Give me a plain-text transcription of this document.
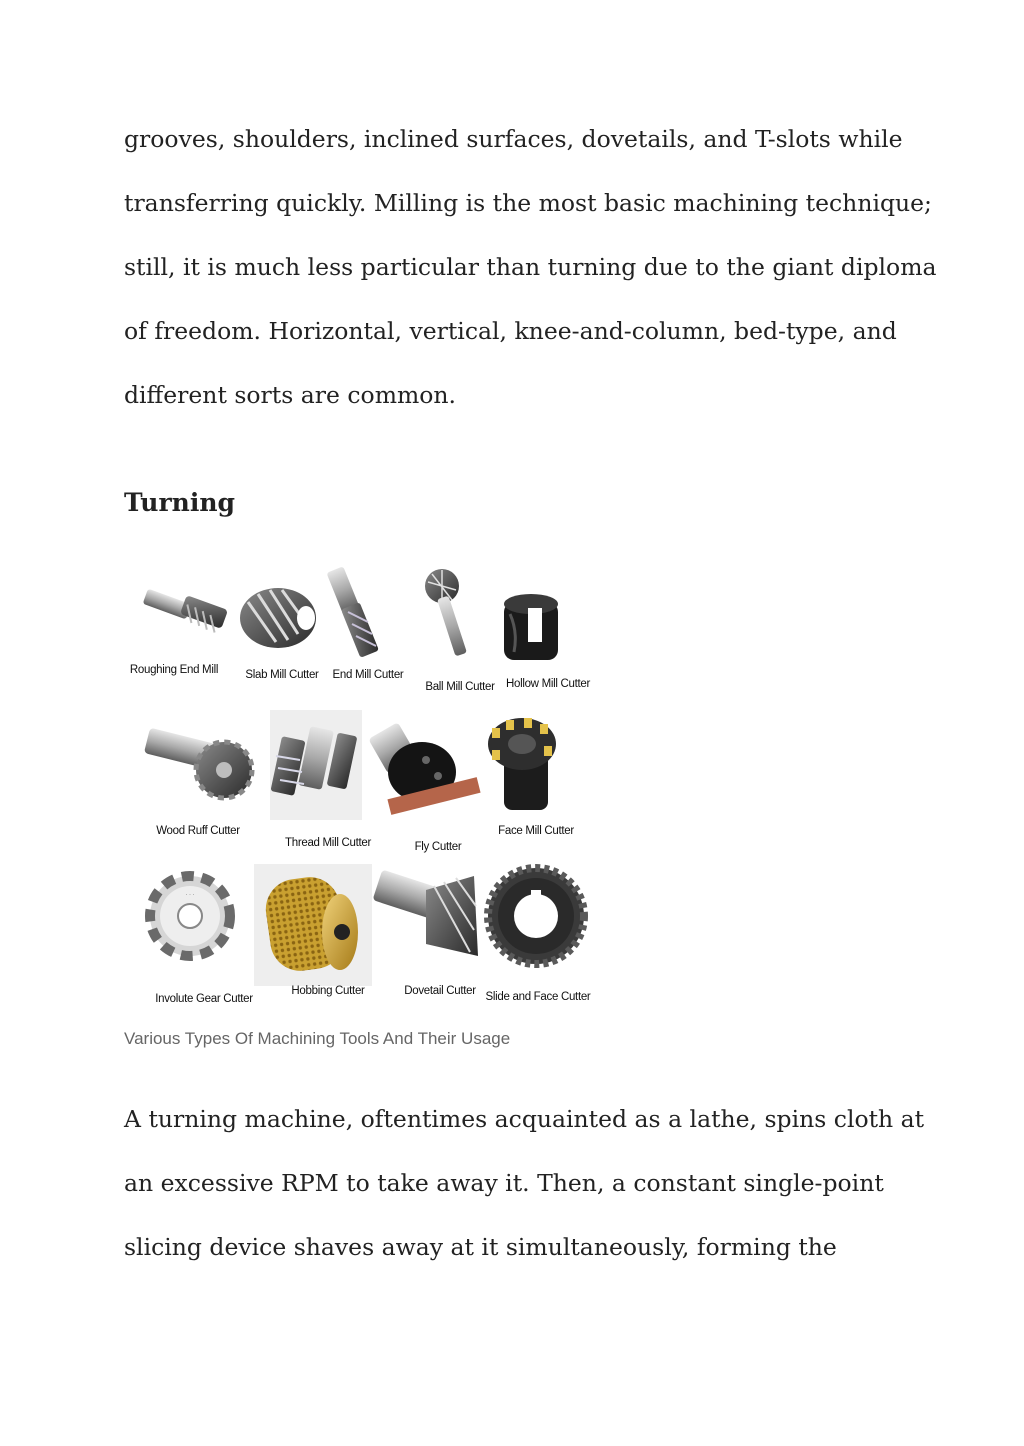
grooves, shoulders, inclined surfaces, dovetails, and T-slots while
transferring quickly. Milling is the most basic machining technique;
still, it is much less particular than turning due to the giant diploma
of freedom. Horizontal, vertical, knee-and-column, bed-type, and
different sorts are common.

Turning
Roughing End Mill Slab Mill Cutter End Mill Cutter
Ball Mill Cutter Hollow Mill Cutter
Wood Ruff Cutter
Thread Mill Cutter	Fly Cutter
Face Mill Cutter
· · ·
Involute Gear Cutter
Hobbing Cutter	Dovetail Cutter Slide and Face Cutter

Various Types Of Machining Tools And Their Usage

A turning machine, oftentimes acquainted as a lathe, spins cloth at
an excessive RPM to take away it. Then, a constant single-point
slicing device shaves away at it simultaneously, forming the
